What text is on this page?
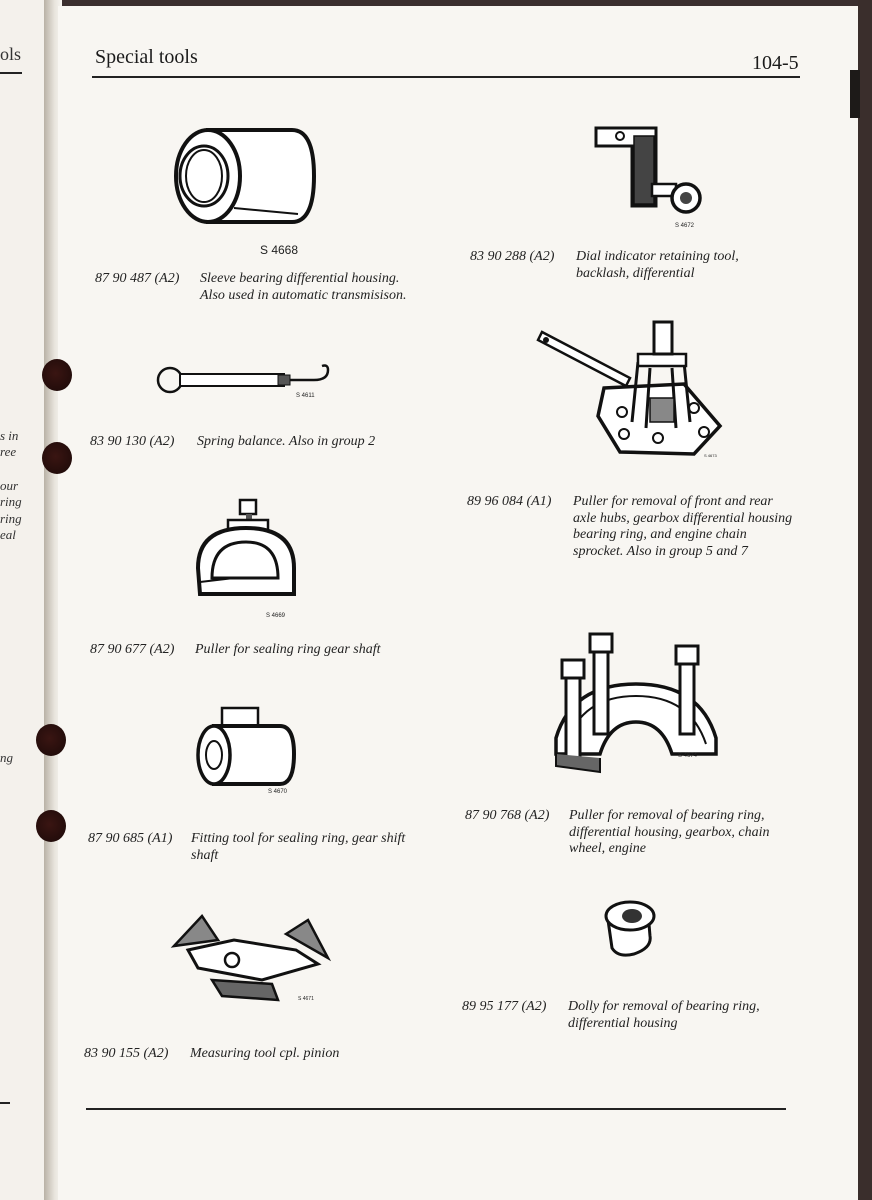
ols
s in
ree
our
ring
ring
eal
ng
Special tools	104-5
S 4668
87 90 487 (A2) Sleeve bearing differential housing. Also used in automatic transmisison.
S 4611
83 90 130 (A2) Spring balance. Also in group 2
S 4669
87 90 677 (A2) Puller for sealing ring gear shaft
S 4670
87 90 685 (A1) Fitting tool for sealing ring, gear shift shaft
S 4671
83 90 155 (A2) Measuring tool cpl. pinion
S 4672
83 90 288 (A2) Dial indicator retaining tool, backlash, differential
S 4673
89 96 084 (A1) Puller for removal of front and rear axle hubs, gearbox differential housing bearing ring, and engine chain sprocket. Also in group 5 and 7
S 4674
87 90 768 (A2) Puller for removal of bearing ring, differential housing, gearbox, chain wheel, engine
89 95 177 (A2) Dolly for removal of bearing ring, differential housing
